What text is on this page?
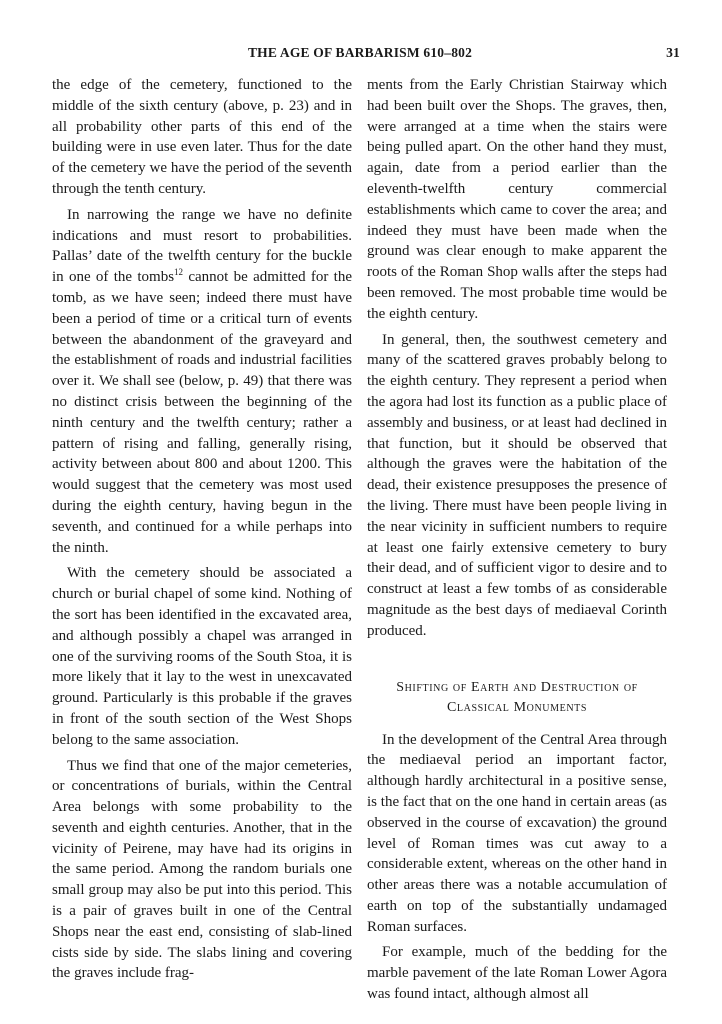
THE AGE OF BARBARISM 610–802	31

the edge of the cemetery, functioned to the middle of the sixth century (above, p. 23) and in all probability other parts of this end of the building were in use even later. Thus for the date of the cemetery we have the period of the seventh through the tenth century.

In narrowing the range we have no definite indications and must resort to probabilities. Pallas’ date of the twelfth century for the buckle in one of the tombs$^{12}$ cannot be admitted for the tomb, as we have seen; indeed there must have been a period of time or a critical turn of events between the abandonment of the graveyard and the establishment of roads and industrial facilities over it. We shall see (below, p. 49) that there was no distinct crisis between the beginning of the ninth century and the twelfth century; rather a pattern of rising and falling, generally rising, activity between about 800 and about 1200. This would suggest that the cemetery was most used during the eighth century, having begun in the seventh, and continued for a while perhaps into the ninth.

With the cemetery should be associated a church or burial chapel of some kind. Nothing of the sort has been identified in the excavated area, and although possibly a chapel was arranged in one of the surviving rooms of the South Stoa, it is more likely that it lay to the west in unexcavated ground. Particularly is this probable if the graves in front of the south section of the West Shops belong to the same association.

Thus we find that one of the major cemeteries, or concentrations of burials, within the Central Area belongs with some probability to the seventh and eighth centuries. Another, that in the vicinity of Peirene, may have had its origins in the same period. Among the random burials one small group may also be put into this period. This is a pair of graves built in one of the Central Shops near the east end, consisting of slab-lined cists side by side. The slabs lining and covering the graves include frag-

ments from the Early Christian Stairway which had been built over the Shops. The graves, then, were arranged at a time when the stairs were being pulled apart. On the other hand they must, again, date from a period earlier than the eleventh-twelfth century commercial establishments which came to cover the area; and indeed they must have been made when the ground was clear enough to make apparent the roots of the Roman Shop walls after the steps had been removed. The most probable time would be the eighth century.

In general, then, the southwest cemetery and many of the scattered graves probably belong to the eighth century. They represent a period when the agora had lost its function as a public place of assembly and business, or at least had declined in that function, but it should be observed that although the graves were the habitation of the dead, their existence presupposes the presence of the living. There must have been people living in the near vicinity in sufficient numbers to require at least one fairly extensive cemetery to bury their dead, and of sufficient vigor to desire and to construct at least a few tombs of as considerable magnitude as the best days of mediaeval Corinth produced.

Shifting of Earth and Destruction of
Classical Monuments

In the development of the Central Area through the mediaeval period an important factor, although hardly architectural in a positive sense, is the fact that on the one hand in certain areas (as observed in the course of excavation) the ground level of Roman times was cut away to a considerable extent, whereas on the other hand in other areas there was a notable accumulation of earth on top of the substantially undamaged Roman surfaces.

For example, much of the bedding for the marble pavement of the late Roman Lower Agora was found intact, although almost all
